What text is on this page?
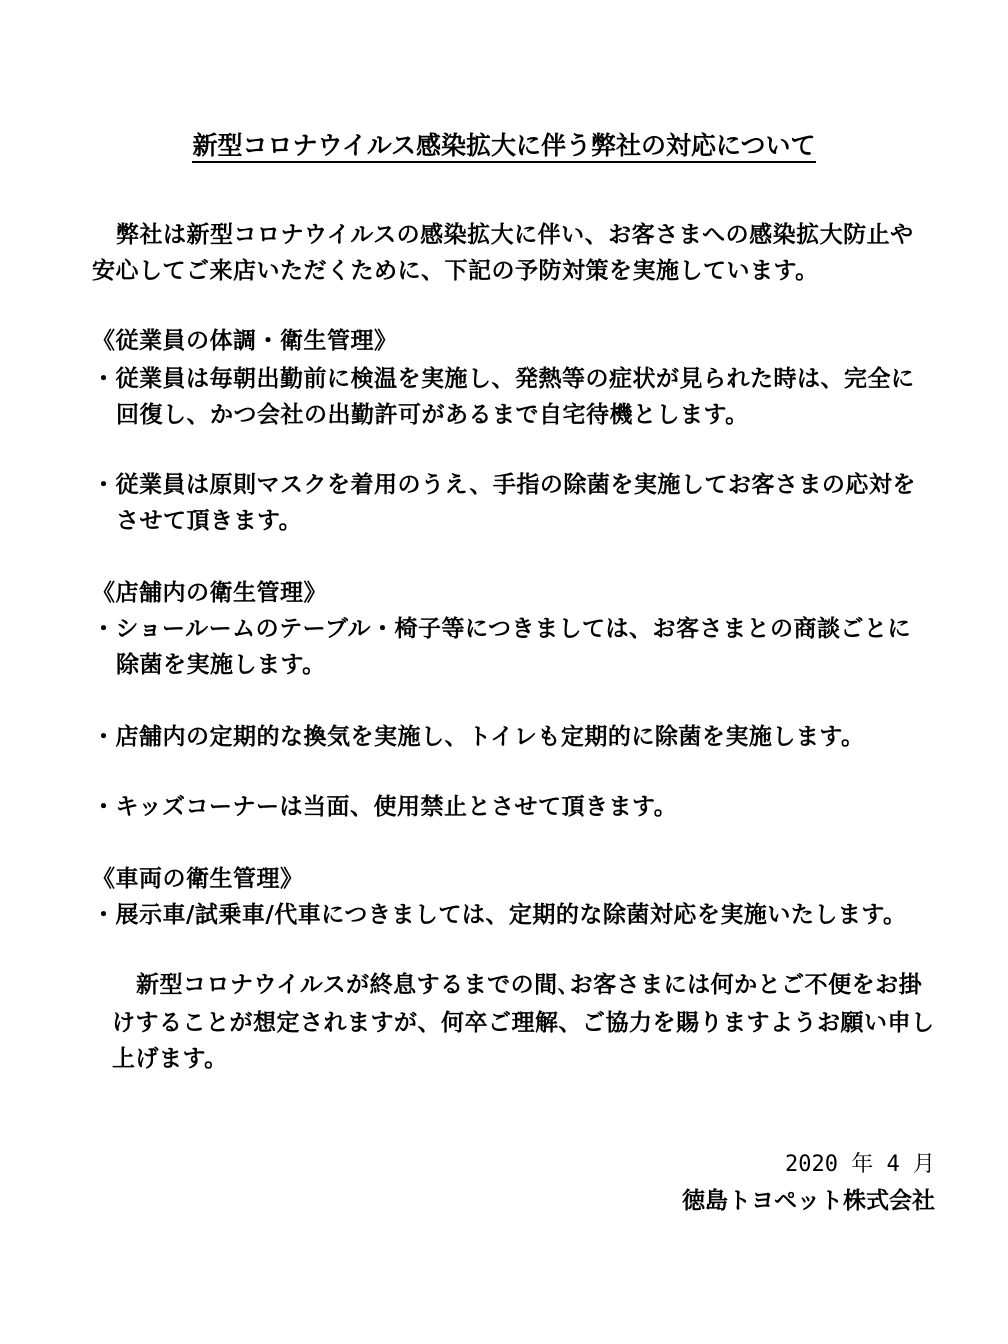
新型コロナウイルス感染拡大に伴う弊社の対応について
弊社は新型コロナウイルスの感染拡大に伴い、お客さまへの感染拡大防止や
安心してご来店いただくために、下記の予防対策を実施しています。
《従業員の体調・衛生管理》
・従業員は毎朝出勤前に検温を実施し、発熱等の症状が見られた時は、完全に
回復し、かつ会社の出勤許可があるまで自宅待機とします。
・従業員は原則マスクを着用のうえ、手指の除菌を実施してお客さまの応対を
させて頂きます。
《店舗内の衛生管理》
・ショールームのテーブル・椅子等につきましては、お客さまとの商談ごとに
除菌を実施します。
・店舗内の定期的な換気を実施し、トイレも定期的に除菌を実施します。
・キッズコーナーは当面、使用禁止とさせて頂きます。
《車両の衛生管理》
・展示車/試乗車/代車につきましては、定期的な除菌対応を実施いたします。
新型コロナウイルスが終息するまでの間､お客さまには何かとご不便をお掛
けすることが想定されますが、何卒ご理解、ご協力を賜りますようお願い申し
上げます。
2020 年 4 月
徳島トヨペット株式会社
